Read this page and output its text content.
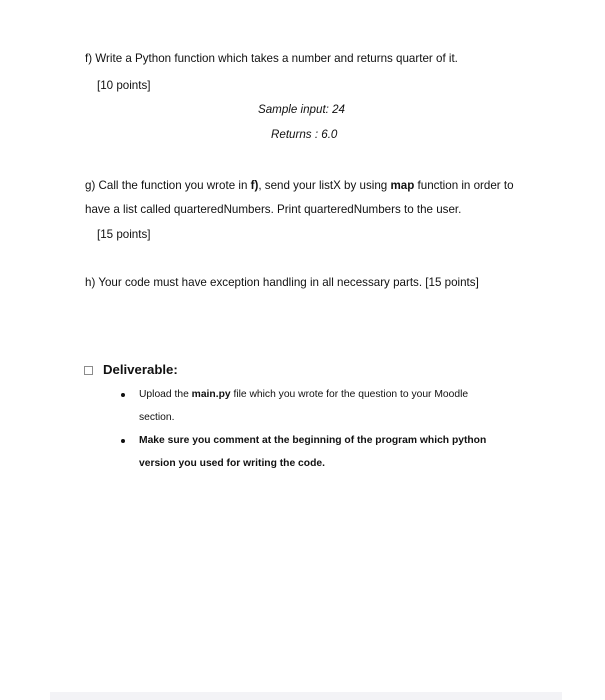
f) Write a Python function which takes a number and returns quarter of it.
[10 points]
Sample input: 24
Returns : 6.0
g) Call the function you wrote in f), send your listX by using map function in order to
have a list called quarteredNumbers. Print quarteredNumbers to the user.
[15 points]
h) Your code must have exception handling in all necessary parts. [15 points]
Deliverable:
Upload the main.py file which you wrote for the question to your Moodle
section.
Make sure you comment at the beginning of the program which python
version you used for writing the code.
